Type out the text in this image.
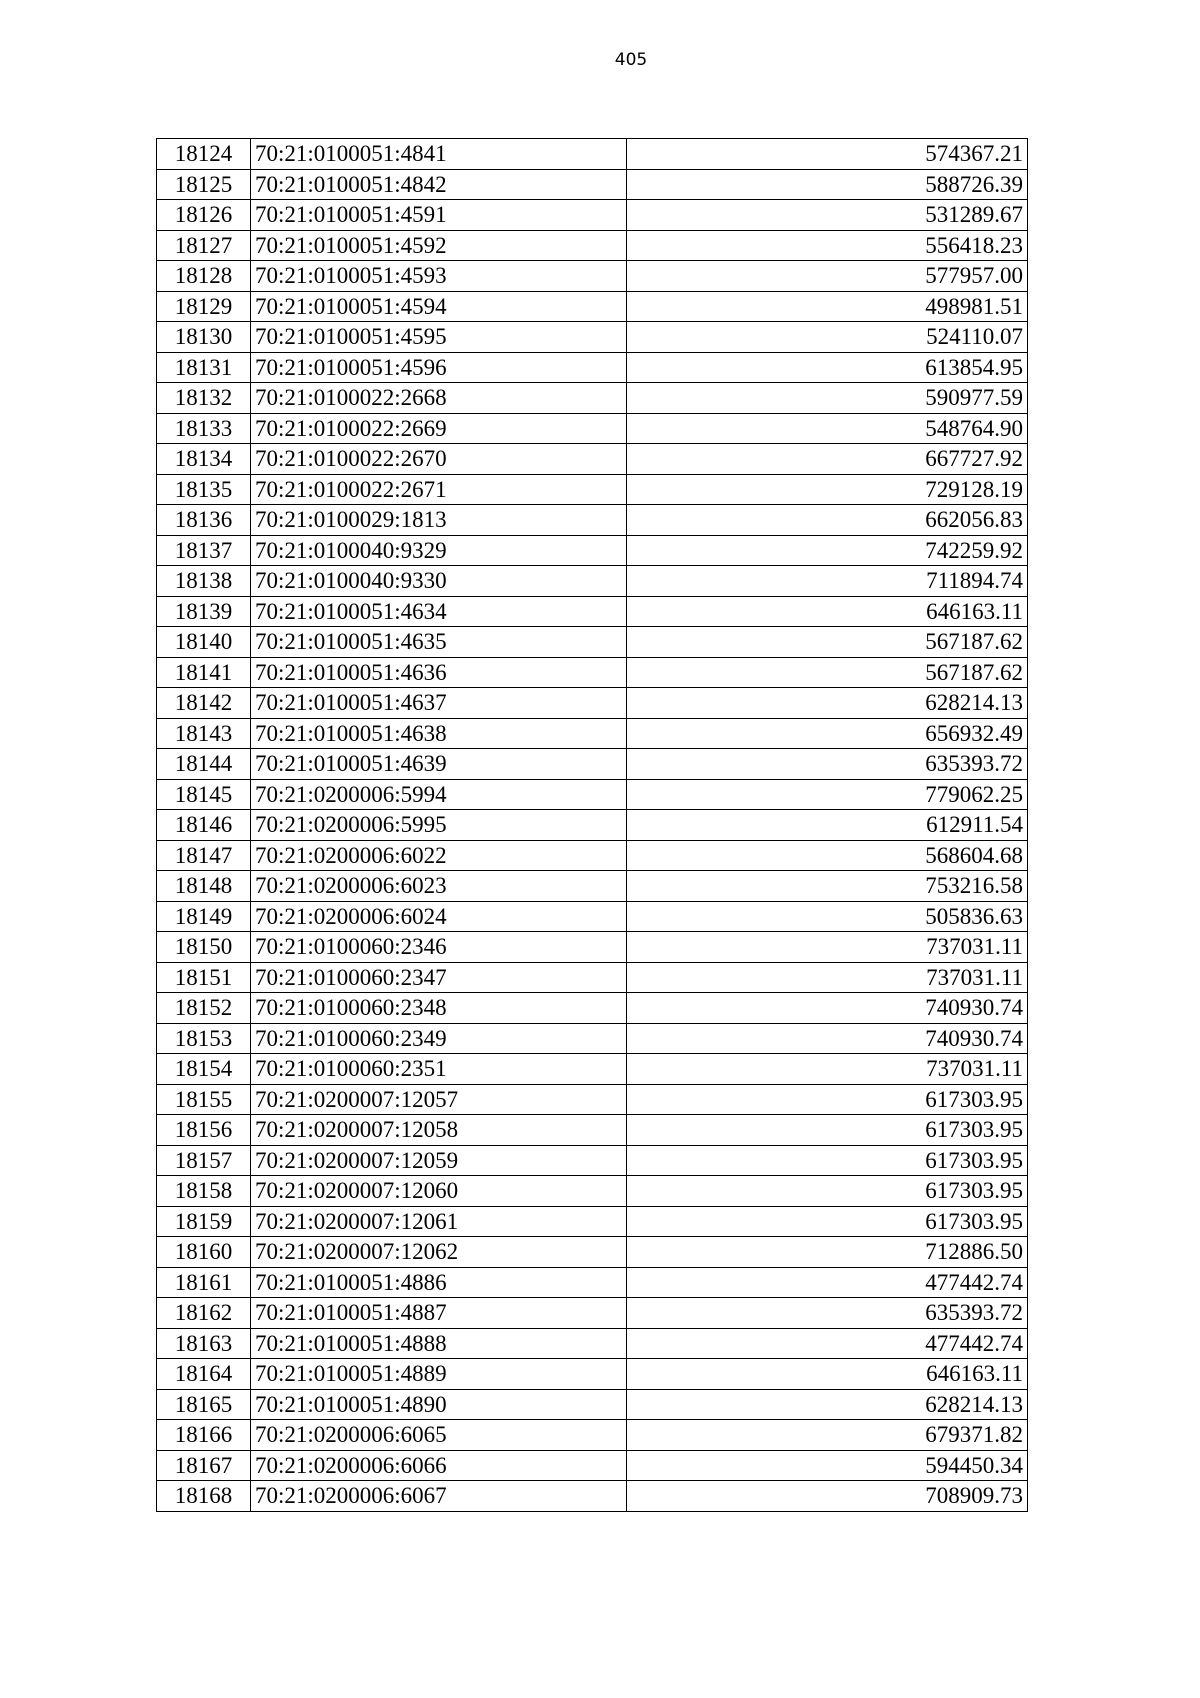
405
18124	70:21:0100051:4841	574367.21
18125	70:21:0100051:4842	588726.39
18126	70:21:0100051:4591	531289.67
18127	70:21:0100051:4592	556418.23
18128	70:21:0100051:4593	577957.00
18129	70:21:0100051:4594	498981.51
18130	70:21:0100051:4595	524110.07
18131	70:21:0100051:4596	613854.95
18132	70:21:0100022:2668	590977.59
18133	70:21:0100022:2669	548764.90
18134	70:21:0100022:2670	667727.92
18135	70:21:0100022:2671	729128.19
18136	70:21:0100029:1813	662056.83
18137	70:21:0100040:9329	742259.92
18138	70:21:0100040:9330	711894.74
18139	70:21:0100051:4634	646163.11
18140	70:21:0100051:4635	567187.62
18141	70:21:0100051:4636	567187.62
18142	70:21:0100051:4637	628214.13
18143	70:21:0100051:4638	656932.49
18144	70:21:0100051:4639	635393.72
18145	70:21:0200006:5994	779062.25
18146	70:21:0200006:5995	612911.54
18147	70:21:0200006:6022	568604.68
18148	70:21:0200006:6023	753216.58
18149	70:21:0200006:6024	505836.63
18150	70:21:0100060:2346	737031.11
18151	70:21:0100060:2347	737031.11
18152	70:21:0100060:2348	740930.74
18153	70:21:0100060:2349	740930.74
18154	70:21:0100060:2351	737031.11
18155	70:21:0200007:12057	617303.95
18156	70:21:0200007:12058	617303.95
18157	70:21:0200007:12059	617303.95
18158	70:21:0200007:12060	617303.95
18159	70:21:0200007:12061	617303.95
18160	70:21:0200007:12062	712886.50
18161	70:21:0100051:4886	477442.74
18162	70:21:0100051:4887	635393.72
18163	70:21:0100051:4888	477442.74
18164	70:21:0100051:4889	646163.11
18165	70:21:0100051:4890	628214.13
18166	70:21:0200006:6065	679371.82
18167	70:21:0200006:6066	594450.34
18168	70:21:0200006:6067	708909.73
